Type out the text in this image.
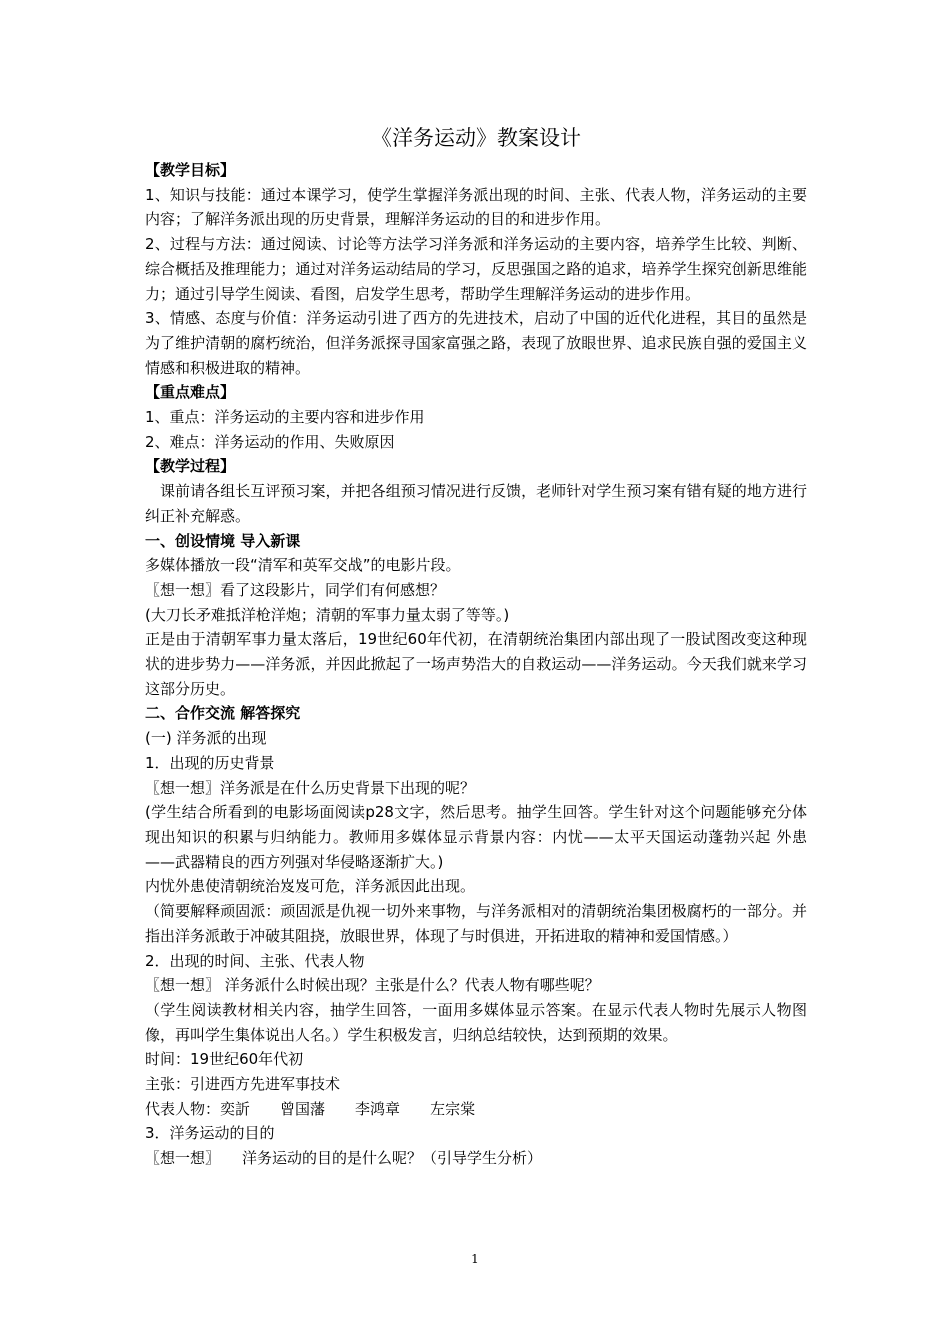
《洋务运动》教案设计

【教学目标】

1、知识与技能：通过本课学习，使学生掌握洋务派出现的时间、主张、代表人物，洋务运动的主要内容；了解洋务派出现的历史背景，理解洋务运动的目的和进步作用。

2、过程与方法：通过阅读、讨论等方法学习洋务派和洋务运动的主要内容，培养学生比较、判断、综合概括及推理能力；通过对洋务运动结局的学习，反思强国之路的追求，培养学生探究创新思维能力；通过引导学生阅读、看图，启发学生思考，帮助学生理解洋务运动的进步作用。

3、情感、态度与价值：洋务运动引进了西方的先进技术，启动了中国的近代化进程，其目的虽然是为了维护清朝的腐朽统治，但洋务派探寻国家富强之路，表现了放眼世界、追求民族自强的爱国主义情感和积极进取的精神。

【重点难点】

1、重点：洋务运动的主要内容和进步作用

2、难点：洋务运动的作用、失败原因

【教学过程】

课前请各组长互评预习案，并把各组预习情况进行反馈，老师针对学生预习案有错有疑的地方进行纠正补充解惑。

一、创设情境 导入新课

多媒体播放一段“清军和英军交战”的电影片段。

〖想一想〗看了这段影片，同学们有何感想？

(大刀长矛难抵洋枪洋炮；清朝的军事力量太弱了等等。)

正是由于清朝军事力量太落后，19世纪60年代初，在清朝统治集团内部出现了一股试图改变这种现状的进步势力——洋务派，并因此掀起了一场声势浩大的自救运动——洋务运动。今天我们就来学习这部分历史。

二、合作交流 解答探究

(一) 洋务派的出现

1．出现的历史背景

〖想一想〗洋务派是在什么历史背景下出现的呢？

(学生结合所看到的电影场面阅读p28文字，然后思考。抽学生回答。学生针对这个问题能够充分体现出知识的积累与归纳能力。教师用多媒体显示背景内容：内忧——太平天国运动蓬勃兴起 外患——武器精良的西方列强对华侵略逐渐扩大。)

内忧外患使清朝统治岌岌可危，洋务派因此出现。

（简要解释顽固派：顽固派是仇视一切外来事物，与洋务派相对的清朝统治集团极腐朽的一部分。并指出洋务派敢于冲破其阻挠，放眼世界，体现了与时俱进，开拓进取的精神和爱国情感。）

2．出现的时间、主张、代表人物

〖想一想〗 洋务派什么时候出现？主张是什么？代表人物有哪些呢？

（学生阅读教材相关内容，抽学生回答，一面用多媒体显示答案。在显示代表人物时先展示人物图像，再叫学生集体说出人名。）学生积极发言，归纳总结较快，达到预期的效果。

时间：19世纪60年代初

主张：引进西方先进军事技术

代表人物：奕訢 曾国藩 李鸿章 左宗棠

3．洋务运动的目的

〖想一想〗 洋务运动的目的是什么呢？（引导学生分析）

1
